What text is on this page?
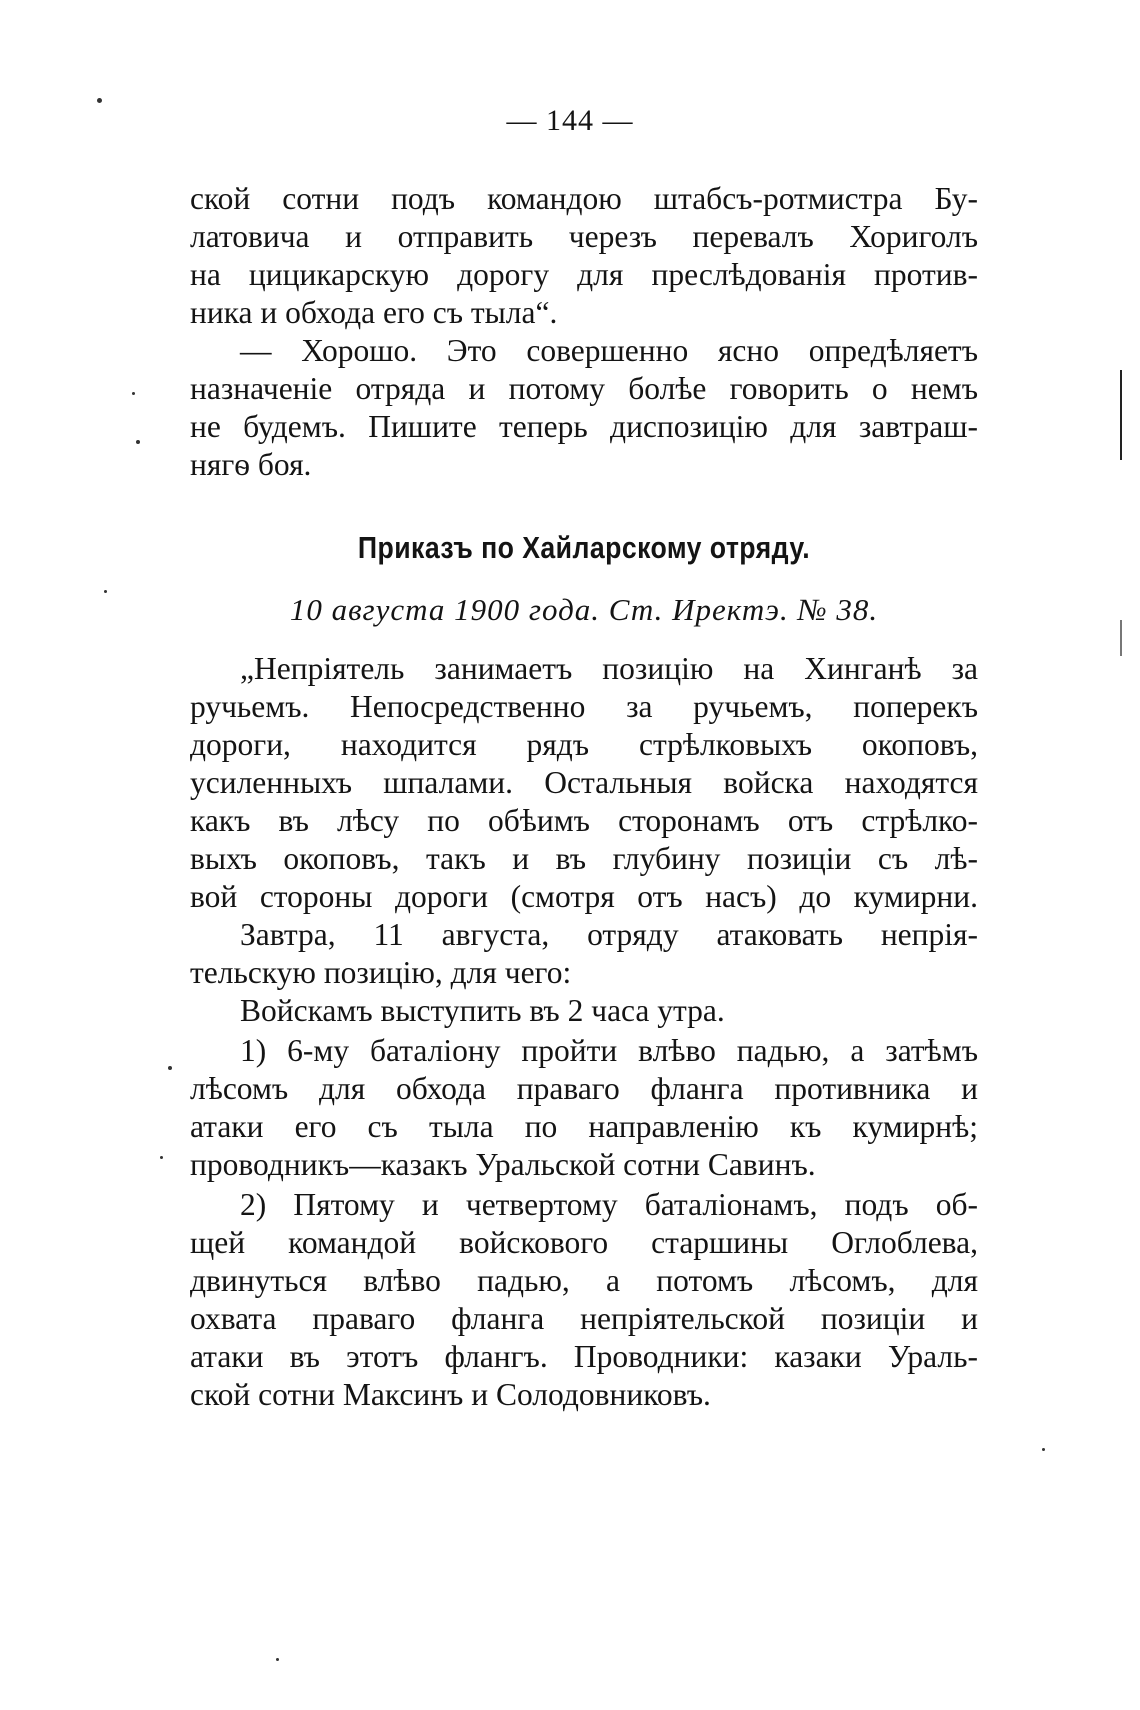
— 144 —
ской сотни подъ командою штабсъ-ротмистра Бу-
латовича и отправить черезъ перевалъ Хориголъ
на цицикарскую дорогу для преслѣдованія против-
ника и обхода его съ тыла“.
— Хорошо. Это совершенно ясно опредѣляетъ
назначеніе отряда и потому болѣе говорить о немъ
не будемъ. Пишите теперь диспозицію для завтраш-
нягѳ боя.
Приказъ по Хайларскому отряду.
10 августа 1900 года. Ст. Иректэ. № 38.
„Непріятель занимаетъ позицію на Хинганѣ за
ручьемъ. Непосредственно за ручьемъ, поперекъ
дороги, находится рядъ стрѣлковыхъ окоповъ,
усиленныхъ шпалами. Остальныя войска находятся
какъ въ лѣсу по обѣимъ сторонамъ отъ стрѣлко-
выхъ окоповъ, такъ и въ глубину позиціи съ лѣ-
вой стороны дороги (смотря отъ насъ) до кумирни.
Завтра, 11 августа, отряду атаковать непрія-
тельскую позицію, для чего:
Войскамъ выступить въ 2 часа утра.
1) 6-му баталіону пройти влѣво падью, а затѣмъ
лѣсомъ для обхода праваго фланга противника и
атаки его съ тыла по направленію къ кумирнѣ;
проводникъ—казакъ Уральской сотни Савинъ.
2) Пятому и четвертому баталіонамъ, подъ об-
щей командой войскового старшины Оглоблева,
двинуться влѣво падью, а потомъ лѣсомъ, для
охвата праваго фланга непріятельской позиціи и
атаки въ этотъ флангъ. Проводники: казаки Ураль-
ской сотни Максинъ и Солодовниковъ.
